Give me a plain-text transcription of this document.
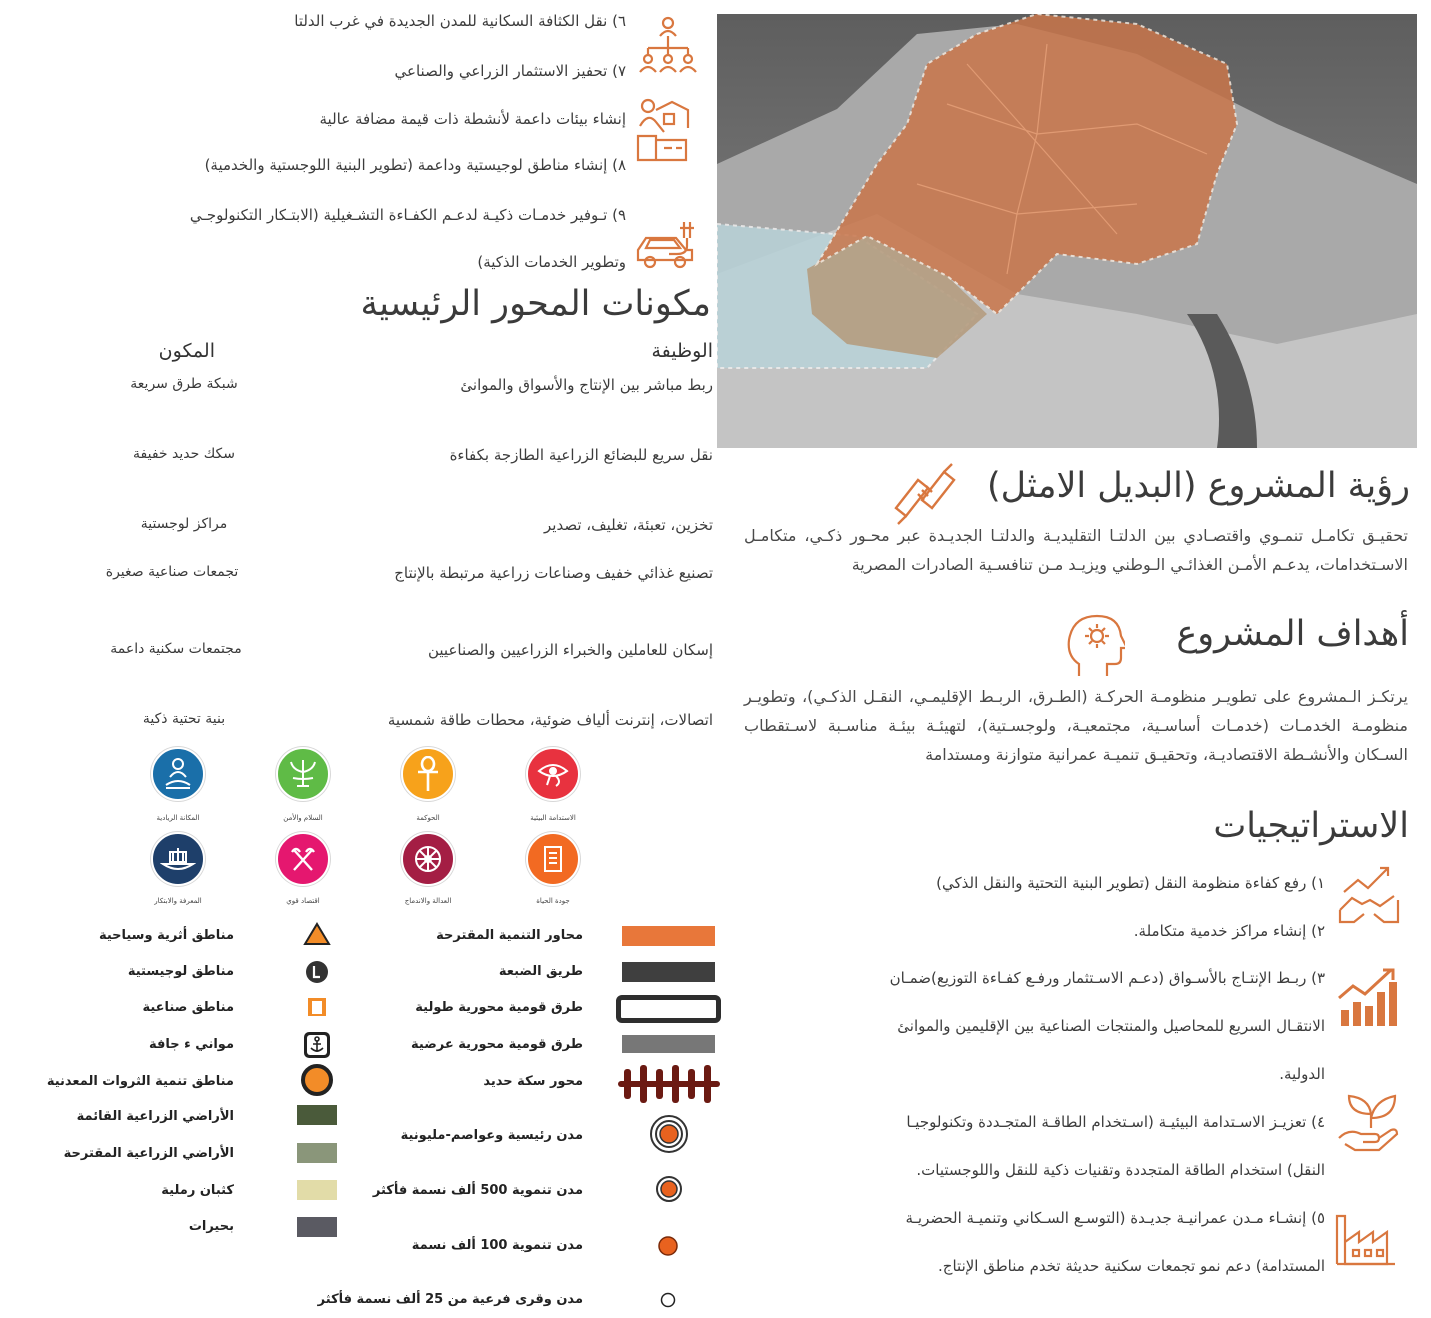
٦) نقل الكثافة السكانية للمدن الجديدة في غرب الدلتا
٧) تحفيز الاستثمار الزراعي والصناعي
إنشاء بيئات داعمة لأنشطة ذات قيمة مضافة عالية
٨) إنشاء مناطق لوجيستية وداعمة (تطوير البنية اللوجستية والخدمية)
٩) تـوفير خدمـات ذكيـة لدعـم الكفـاءة التشـغيلية (الابتـكار التكنولوجـي
وتطوير الخدمات الذكية)
مكونات المحور الرئيسية
الوظيفة
المكون
ربط مباشر بين الإنتاج والأسواق والموانئ
شبكة طرق سريعة
نقل سريع للبضائع الزراعية الطازجة بكفاءة
سكك حديد خفيفة
تخزين، تعبئة، تغليف، تصدير
مراكز لوجستية
تصنيع غذائي خفيف وصناعات زراعية مرتبطة بالإنتاج
تجمعات صناعية صغيرة
إسكان للعاملين والخبراء الزراعيين والصناعيين
مجتمعات سكنية داعمة
اتصالات، إنترنت ألياف ضوئية، محطات طاقة شمسية
بنية تحتية ذكية
الاستدامة البيئية
الحوكمة
السلام والأمن
المكانة الريادية
جودة الحياة
العدالة والاندماج
اقتصاد قوي
المعرفة والابتكار
محاور التنمية المقترحة
طريق الضبعة
طرق قومية محورية طولية
طرق قومية محورية عرضية
محور سكة حديد
مدن رئيسية وعواصم-مليونية
مدن تنموية 500 ألف نسمة فأكثر
مدن تنموية 100 ألف نسمة
مدن وقرى فرعية من 25 ألف نسمة فأكثر
مناطق أثرية وسياحية
مناطق لوجيستية
مناطق صناعية
مواني ء جافة
مناطق تنمية الثروات المعدنية
الأراضي الزراعية القائمة
الأراضي الزراعية المقترحة
كثبان رملية
بحيرات
رؤية المشروع (البديل الامثل)
تحقيـق تكامـل تنمـوي واقتصـادي بين الدلتـا التقليديـة والدلتـا الجديـدة عبر محـور ذكـي، متكامـل الاسـتخدامات، يدعـم الأمـن الغذائـي الـوطني ويزيـد مـن تنافسـية الصادرات المصرية
أهداف المشروع
يرتكـز الـمشروع على تطويـر منظومـة الحركـة (الطـرق، الربـط الإقليمـي، النقـل الذكـي)، وتطويـر منظومـة الخدمـات (خدمـات أساسـية، مجتمعيـة، ولوجسـتية)، لتهيئـة بيئـة مناسـبة لاسـتقطاب السـكان والأنشـطة الاقتصاديـة، وتحقيـق تنميـة عمرانية متوازنة ومستدامة
الاستراتيجيات
١) رفع كفاءة منظومة النقل (تطوير البنية التحتية والنقل الذكي)
٢) إنشاء مراكز خدمية متكاملة.
٣) ربـط الإنتـاج بالأسـواق (دعـم الاسـتثمار ورفـع كفـاءة التوزيع)ضمـان
الانتقـال السريع للمحاصيل والمنتجات الصناعية بين الإقليمين والموانئ
الدولية.
٤) تعزيـز الاسـتدامة البيئيـة (اسـتخدام الطاقـة المتجـددة وتكنولوجيـا
النقل) استخدام الطاقة المتجددة وتقنيات ذكية للنقل واللوجستيات.
٥) إنشـاء مـدن عمرانيـة جديـدة (التوسـع السـكاني وتنميـة الحضريـة
المستدامة) دعم نمو تجمعات سكنية حديثة تخدم مناطق الإنتاج.
